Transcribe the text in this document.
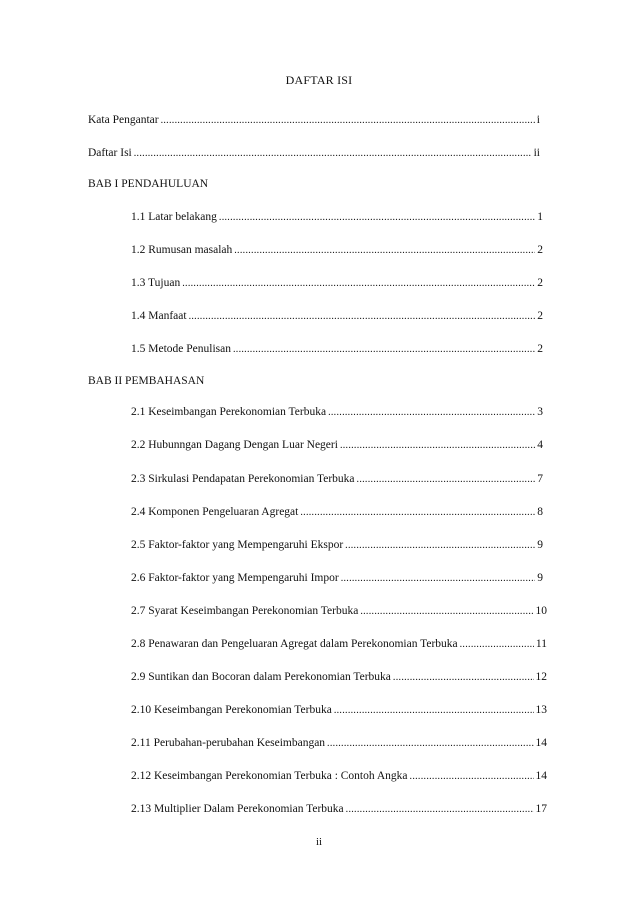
DAFTAR ISI
Kata Pengantar .....	i
Daftar Isi .....	ii
BAB I PENDAHULUAN
1.1 Latar belakang .....	1
1.2 Rumusan masalah .....	2
1.3 Tujuan .....	2
1.4 Manfaat .....	2
1.5 Metode Penulisan .....	2
BAB II PEMBAHASAN
2.1 Keseimbangan Perekonomian Terbuka .....	3
2.2 Hubunngan Dagang Dengan Luar Negeri .....	4
2.3 Sirkulasi Pendapatan Perekonomian Terbuka .....	7
2.4 Komponen Pengeluaran Agregat .....	8
2.5 Faktor-faktor yang Mempengaruhi Ekspor .....	9
2.6 Faktor-faktor yang Mempengaruhi Impor .....	9
2.7 Syarat Keseimbangan Perekonomian Terbuka .....	10
2.8 Penawaran dan Pengeluaran Agregat dalam Perekonomian Terbuka .....	11
2.9 Suntikan dan Bocoran dalam Perekonomian Terbuka .....	12
2.10 Keseimbangan Perekonomian Terbuka .....	13
2.11 Perubahan-perubahan Keseimbangan .....	14
2.12 Keseimbangan Perekonomian Terbuka : Contoh Angka .....	14
2.13 Multiplier Dalam Perekonomian Terbuka .....	17
ii
